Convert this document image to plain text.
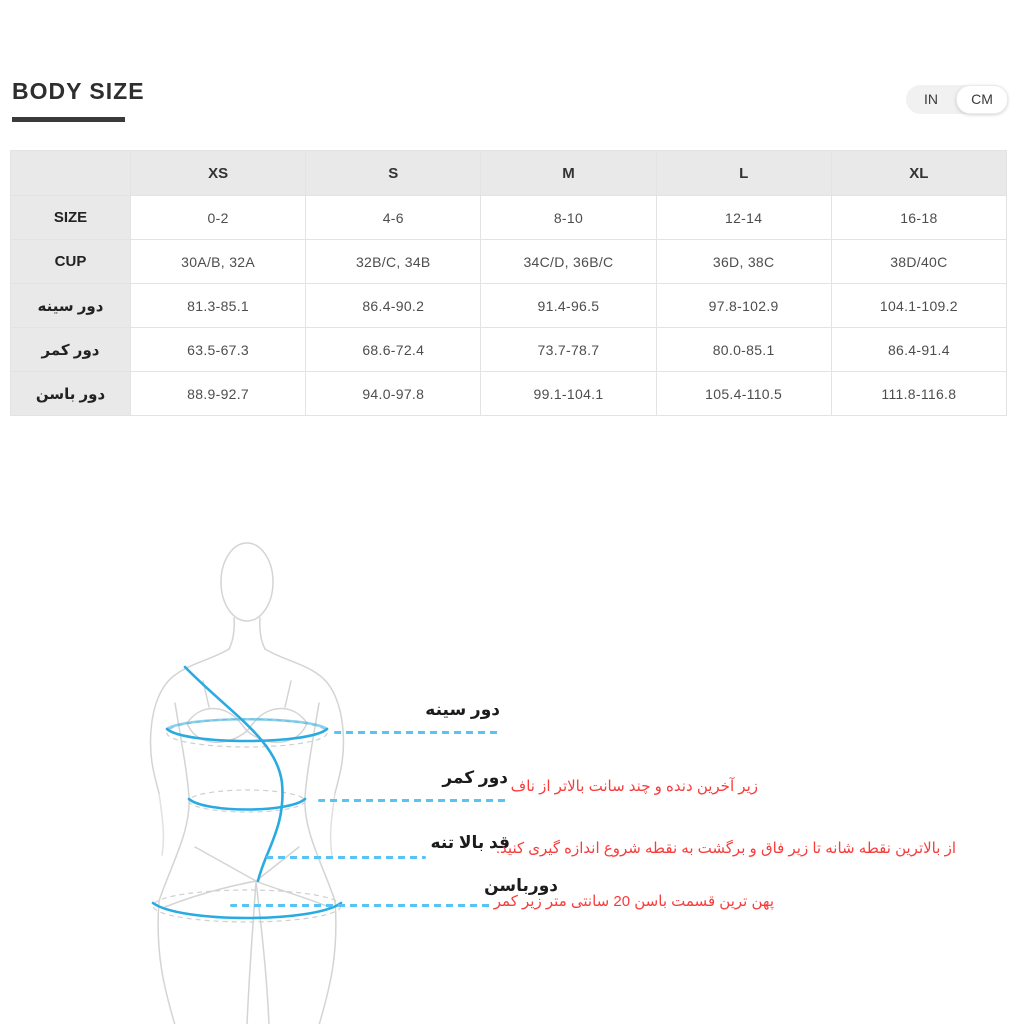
BODY SIZE	IN	CM
	XS	S	M	L	XL
SIZE	0-2	4-6	8-10	12-14	16-18
CUP	30A/B, 32A	32B/C, 34B	34C/D, 36B/C	36D, 38C	38D/40C
دور سینه	81.3-85.1	86.4-90.2	91.4-96.5	97.8-102.9	104.1-109.2
دور کمر	63.5-67.3	68.6-72.4	73.7-78.7	80.0-85.1	86.4-91.4
دور باسن	88.9-92.7	94.0-97.8	99.1-104.1	105.4-110.5	111.8-116.8
دور سینه
دور کمر زیر آخرین دنده و چند سانت بالاتر از ناف
قد بالا تنه
از بالاترین نقطه شانه تا زیر فاق و برگشت به نقطه شروع اندازه گیری کنید.
دورباسن
پهن ترین قسمت باسن 20 سانتی متر زیر کمر
